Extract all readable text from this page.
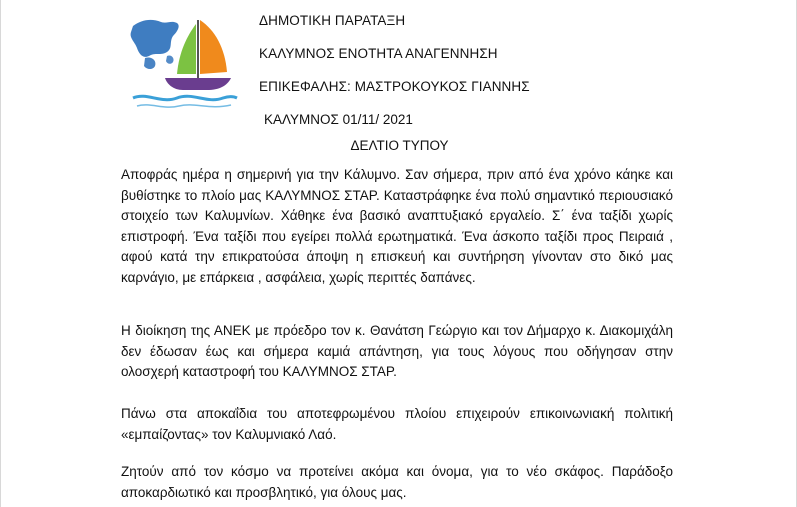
ΔΗΜΟΤΙΚΗ ΠΑΡΑΤΑΞΗ
ΚΑΛΥΜΝΟΣ ΕΝΟΤΗΤΑ ΑΝΑΓΕΝΝΗΣΗ
ΕΠΙΚΕΦΑΛΗΣ: ΜΑΣΤΡΟΚΟΥΚΟΣ ΓΙΑΝΝΗΣ
ΚΑΛΥΜΝΟΣ 01/11/ 2021
ΔΕΛΤΙΟ ΤΥΠΟΥ

Αποφράς ημέρα η σημερινή για την Κάλυμνο. Σαν σήμερα, πριν από ένα χρόνο κάηκε και βυθίστηκε το πλοίο μας ΚΑΛΥΜΝΟΣ ΣΤΑΡ. Καταστράφηκε ένα πολύ σημαντικό περιουσιακό στοιχείο των Καλυμνίων. Χάθηκε ένα βασικό αναπτυξιακό εργαλείο. Σ΄ ένα ταξίδι χωρίς επιστροφή. Ένα ταξίδι που εγείρει πολλά ερωτηματικά. Ένα άσκοπο ταξίδι προς Πειραιά , αφού κατά την επικρατούσα άποψη η επισκευή και συντήρηση γίνονταν στο δικό μας καρνάγιο, με επάρκεια , ασφάλεια, χωρίς περιττές δαπάνες.

Η διοίκηση της ΑΝΕΚ με πρόεδρο τον κ. Θανάτση Γεώργιο και τον Δήμαρχο κ. Διακομιχάλη δεν έδωσαν έως και σήμερα καμιά απάντηση, για τους λόγους που οδήγησαν στην ολοσχερή καταστροφή του ΚΑΛΥΜΝΟΣ ΣΤΑΡ.

Πάνω στα αποκαΐδια του αποτεφρωμένου πλοίου επιχειρούν επικοινωνιακή πολιτική «εμπαίζοντας» τον Καλυμνιακό Λαό.

Ζητούν από τον κόσμο να προτείνει ακόμα και όνομα, για το νέο σκάφος. Παράδοξο αποκαρδιωτικό και προσβλητικό, για όλους μας.
